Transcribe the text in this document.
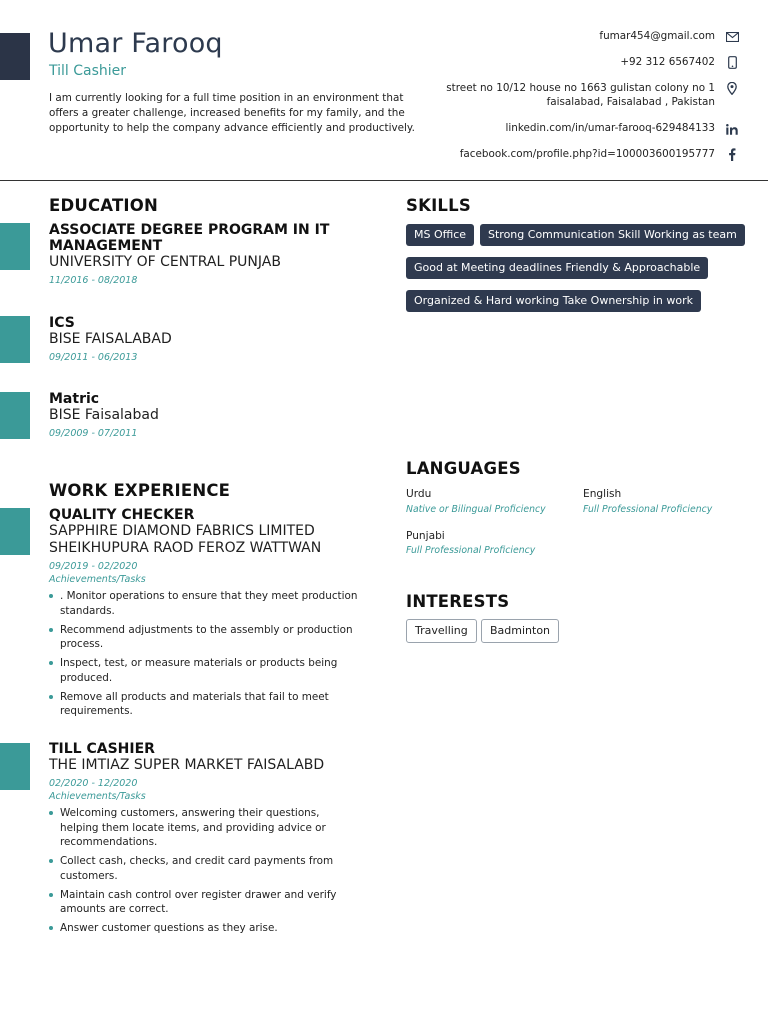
Umar Farooq
Till Cashier

I am currently looking for a full time position in an environment that offers a greater challenge, increased benefits for my family, and the opportunity to help the company advance efficiently and productively.

fumar454@gmail.com
+92 312 6567402
street no 10/12 house no 1663 gulistan colony no 1
faisalabad, Faisalabad , Pakistan
linkedin.com/in/umar-farooq-629484133
facebook.com/profile.php?id=100003600195777
EDUCATION
ASSOCIATE DEGREE PROGRAM IN IT MANAGEMENT
UNIVERSITY OF CENTRAL PUNJAB
11/2016 - 08/2018
ICS
BISE FAISALABAD
09/2011 - 06/2013
Matric
BISE Faisalabad
09/2009 - 07/2011
WORK EXPERIENCE
QUALITY CHECKER
SAPPHIRE DIAMOND FABRICS LIMITED SHEIKHUPURA RAOD FEROZ WATTWAN
09/2019 - 02/2020
Achievements/Tasks
. Monitor operations to ensure that they meet production standards.
Recommend adjustments to the assembly or production process.
Inspect, test, or measure materials or products being produced.
Remove all products and materials that fail to meet requirements.
TILL CASHIER
THE IMTIAZ SUPER MARKET FAISALABD
02/2020 - 12/2020
Achievements/Tasks
Welcoming customers, answering their questions, helping them locate items, and providing advice or recommendations.
Collect cash, checks, and credit card payments from customers.
Maintain cash control over register drawer and verify amounts are correct.
Answer customer questions as they arise.
SKILLS
MS Office	Strong Communication Skill Working as team
Good at Meeting deadlines Friendly & Approachable
Organized & Hard working Take Ownership in work
LANGUAGES
Urdu
Native or Bilingual Proficiency
English
Full Professional Proficiency
Punjabi
Full Professional Proficiency
INTERESTS
Travelling	Badminton
